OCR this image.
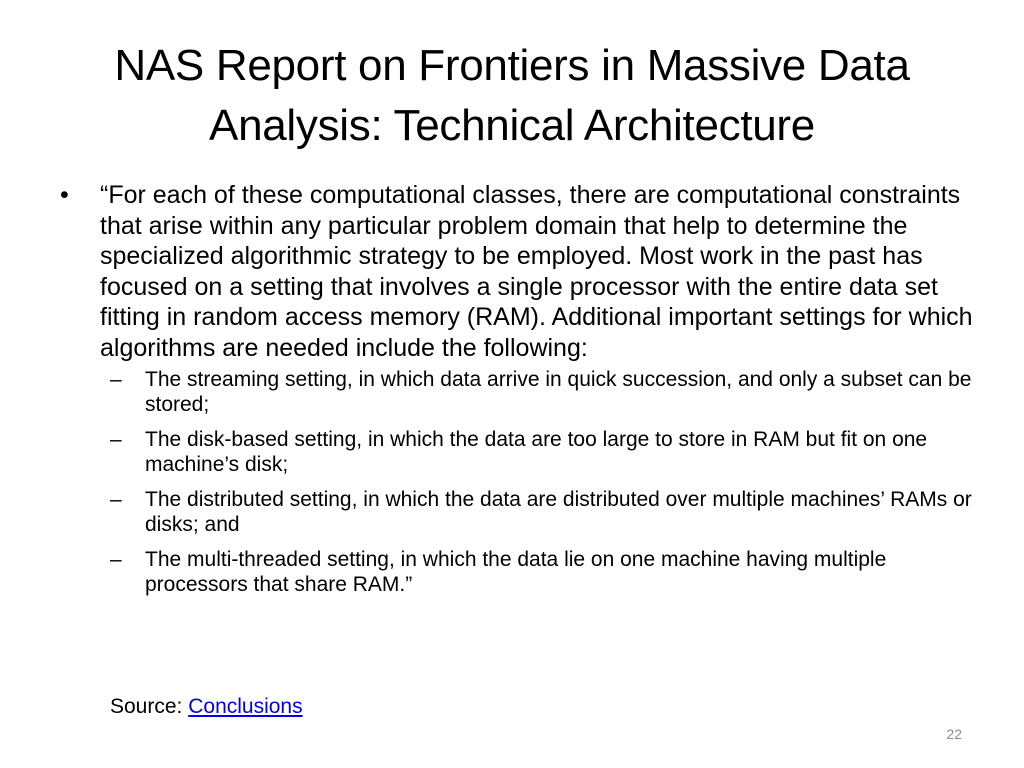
NAS Report on Frontiers in Massive Data Analysis: Technical Architecture
• “For each of these computational classes, there are computational constraints that arise within any particular problem domain that help to determine the specialized algorithmic strategy to be employed. Most work in the past has focused on a setting that involves a single processor with the entire data set fitting in random access memory (RAM). Additional important settings for which algorithms are needed include the following:
– The streaming setting, in which data arrive in quick succession, and only a subset can be stored;
– The disk-based setting, in which the data are too large to store in RAM but fit on one machine’s disk;
– The distributed setting, in which the data are distributed over multiple machines’ RAMs or disks; and
– The multi-threaded setting, in which the data lie on one machine having multiple processors that share RAM.”
Source: Conclusions
22
